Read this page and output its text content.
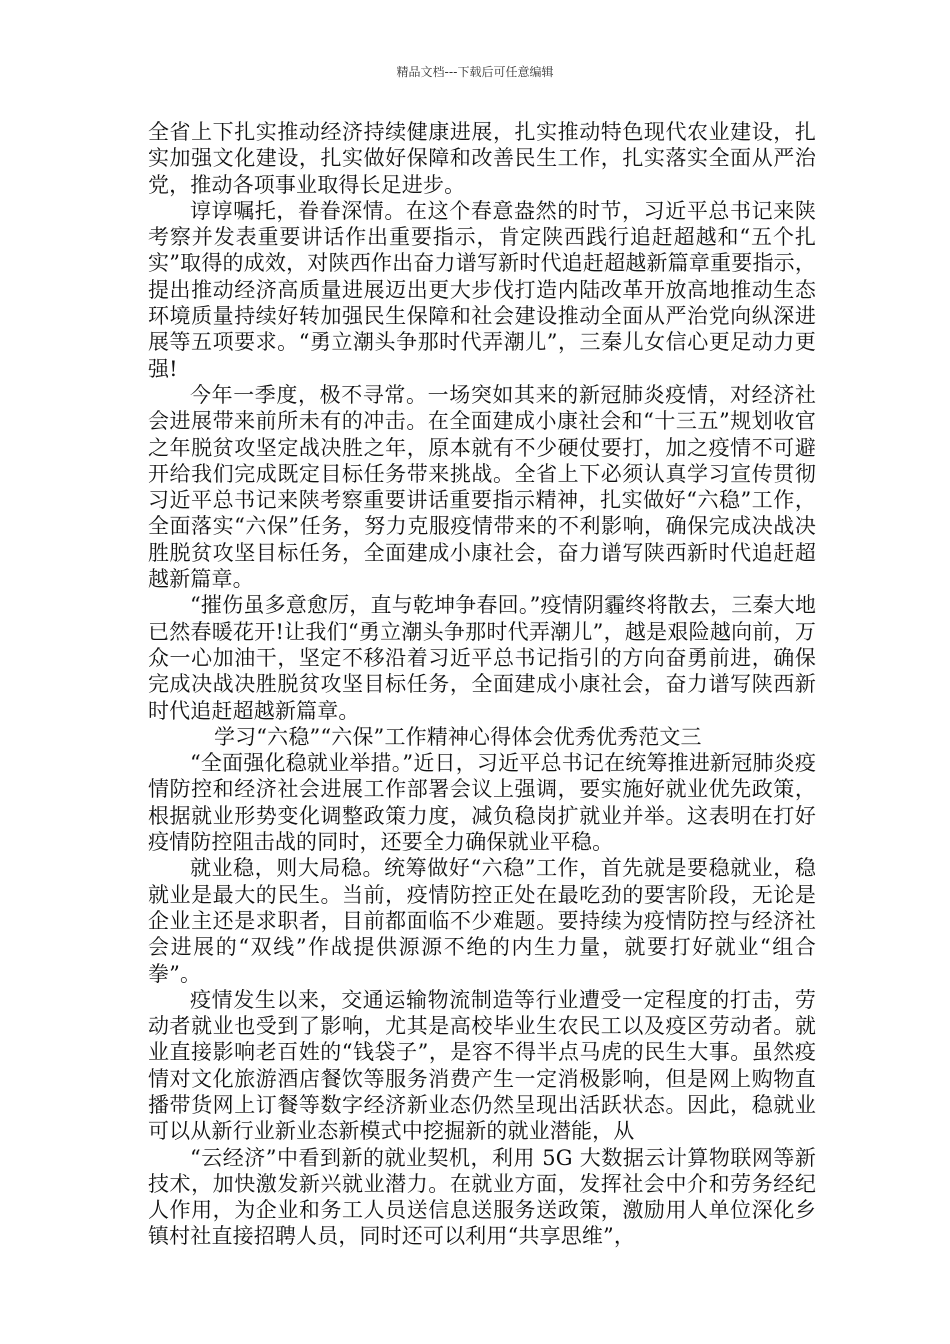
精品文档---下载后可任意编辑

全省上下扎实推动经济持续健康进展，扎实推动特色现代农业建设，扎实加强文化建设，扎实做好保障和改善民生工作，扎实落实全面从严治党，推动各项事业取得长足进步。

谆谆嘱托，眷眷深情。在这个春意盎然的时节，习近平总书记来陕考察并发表重要讲话作出重要指示，肯定陕西践行追赶超越和“五个扎实”取得的成效，对陕西作出奋力谱写新时代追赶超越新篇章重要指示，提出推动经济高质量进展迈出更大步伐打造内陆改革开放高地推动生态环境质量持续好转加强民生保障和社会建设推动全面从严治党向纵深进展等五项要求。“勇立潮头争那时代弄潮儿”，三秦儿女信心更足动力更强!

今年一季度，极不寻常。一场突如其来的新冠肺炎疫情，对经济社会进展带来前所未有的冲击。在全面建成小康社会和“十三五”规划收官之年脱贫攻坚定战决胜之年，原本就有不少硬仗要打，加之疫情不可避开给我们完成既定目标任务带来挑战。全省上下必须认真学习宣传贯彻习近平总书记来陕考察重要讲话重要指示精神，扎实做好“六稳”工作，全面落实“六保”任务，努力克服疫情带来的不利影响，确保完成决战决胜脱贫攻坚目标任务，全面建成小康社会，奋力谱写陕西新时代追赶超越新篇章。

“摧伤虽多意愈厉，直与乾坤争春回。”疫情阴霾终将散去，三秦大地已然春暖花开!让我们“勇立潮头争那时代弄潮儿”，越是艰险越向前，万众一心加油干，坚定不移沿着习近平总书记指引的方向奋勇前进，确保完成决战决胜脱贫攻坚目标任务，全面建成小康社会，奋力谱写陕西新时代追赶超越新篇章。

学习“六稳”“六保”工作精神心得体会优秀优秀范文三

“全面强化稳就业举措。”近日，习近平总书记在统筹推进新冠肺炎疫情防控和经济社会进展工作部署会议上强调，要实施好就业优先政策，根据就业形势变化调整政策力度，减负稳岗扩就业并举。这表明在打好疫情防控阻击战的同时，还要全力确保就业平稳。

就业稳，则大局稳。统筹做好“六稳”工作，首先就是要稳就业，稳就业是最大的民生。当前，疫情防控正处在最吃劲的要害阶段，无论是企业主还是求职者，目前都面临不少难题。要持续为疫情防控与经济社会进展的“双线”作战提供源源不绝的内生力量，就要打好就业“组合拳”。

疫情发生以来，交通运输物流制造等行业遭受一定程度的打击，劳动者就业也受到了影响，尤其是高校毕业生农民工以及疫区劳动者。就业直接影响老百姓的“钱袋子”，是容不得半点马虎的民生大事。虽然疫情对文化旅游酒店餐饮等服务消费产生一定消极影响，但是网上购物直播带货网上订餐等数字经济新业态仍然呈现出活跃状态。因此，稳就业可以从新行业新业态新模式中挖掘新的就业潜能，从

“云经济”中看到新的就业契机，利用 5G 大数据云计算物联网等新技术，加快激发新兴就业潜力。在就业方面，发挥社会中介和劳务经纪人作用，为企业和务工人员送信息送服务送政策，激励用人单位深化乡镇村社直接招聘人员，同时还可以利用“共享思维”，
